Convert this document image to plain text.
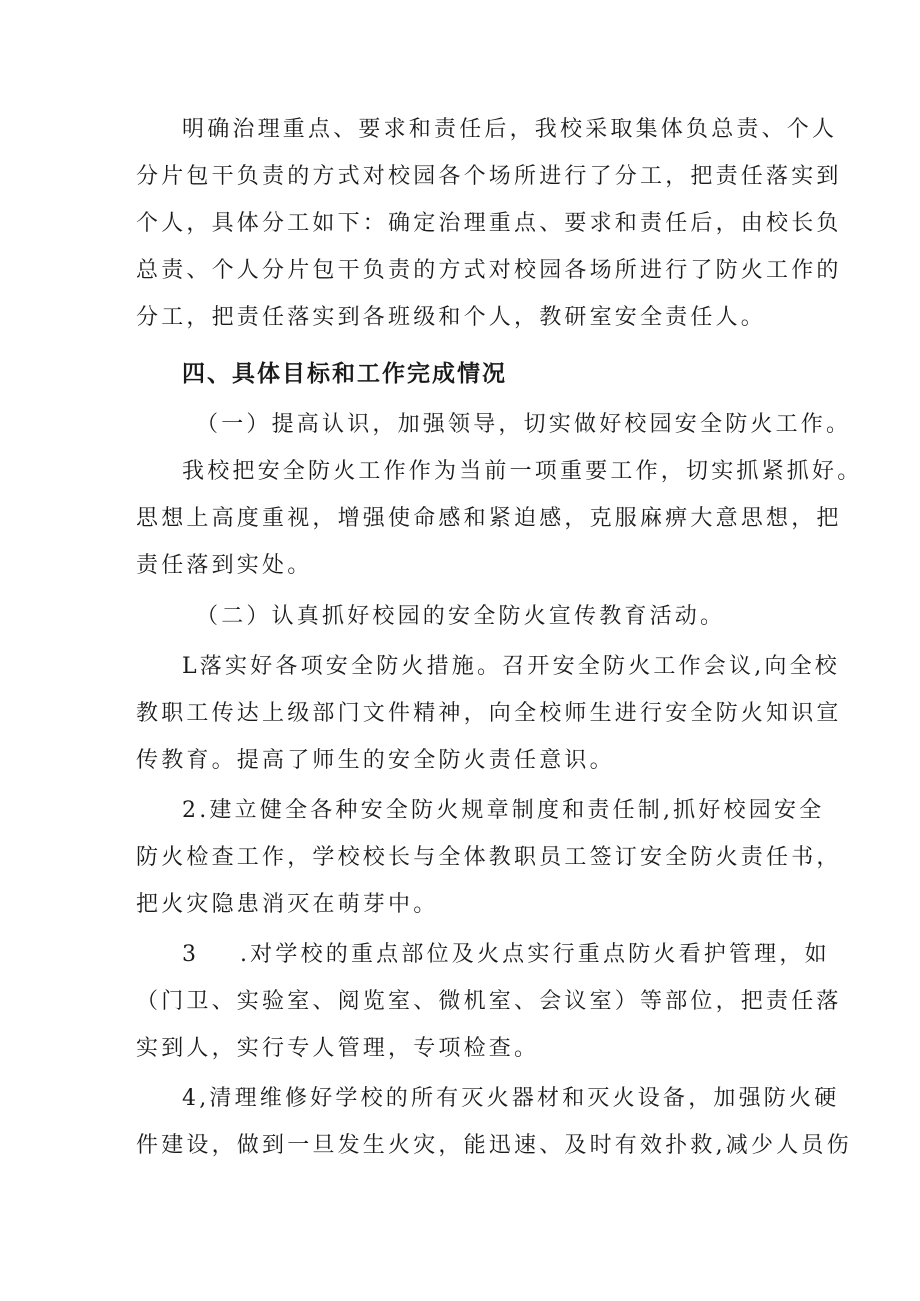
明确治理重点、要求和责任后，我校采取集体负总责、个人
分片包干负责的方式对校园各个场所进行了分工，把责任落实到
个人，具体分工如下：确定治理重点、要求和责任后，由校长负
总责、个人分片包干负责的方式对校园各场所进行了防火工作的
分工，把责任落实到各班级和个人，教研室安全责任人。
四、具体目标和工作完成情况
（一）提高认识，加强领导，切实做好校园安全防火工作。
我校把安全防火工作作为当前一项重要工作，切实抓紧抓好。
思想上高度重视，增强使命感和紧迫感，克服麻痹大意思想，把
责任落到实处。
（二）认真抓好校园的安全防火宣传教育活动。
L落实好各项安全防火措施。召开安全防火工作会议,向全校
教职工传达上级部门文件精神，向全校师生进行安全防火知识宣
传教育。提高了师生的安全防火责任意识。
2.建立健全各种安全防火规章制度和责任制,抓好校园安全
防火检查工作，学校校长与全体教职员工签订安全防火责任书，
把火灾隐患消灭在萌芽中。
3    .对学校的重点部位及火点实行重点防火看护管理，如
（门卫、实验室、阅览室、微机室、会议室）等部位，把责任落
实到人，实行专人管理，专项检查。
4,清理维修好学校的所有灭火器材和灭火设备，加强防火硬
件建设，做到一旦发生火灾，能迅速、及时有效扑救,减少人员伤
